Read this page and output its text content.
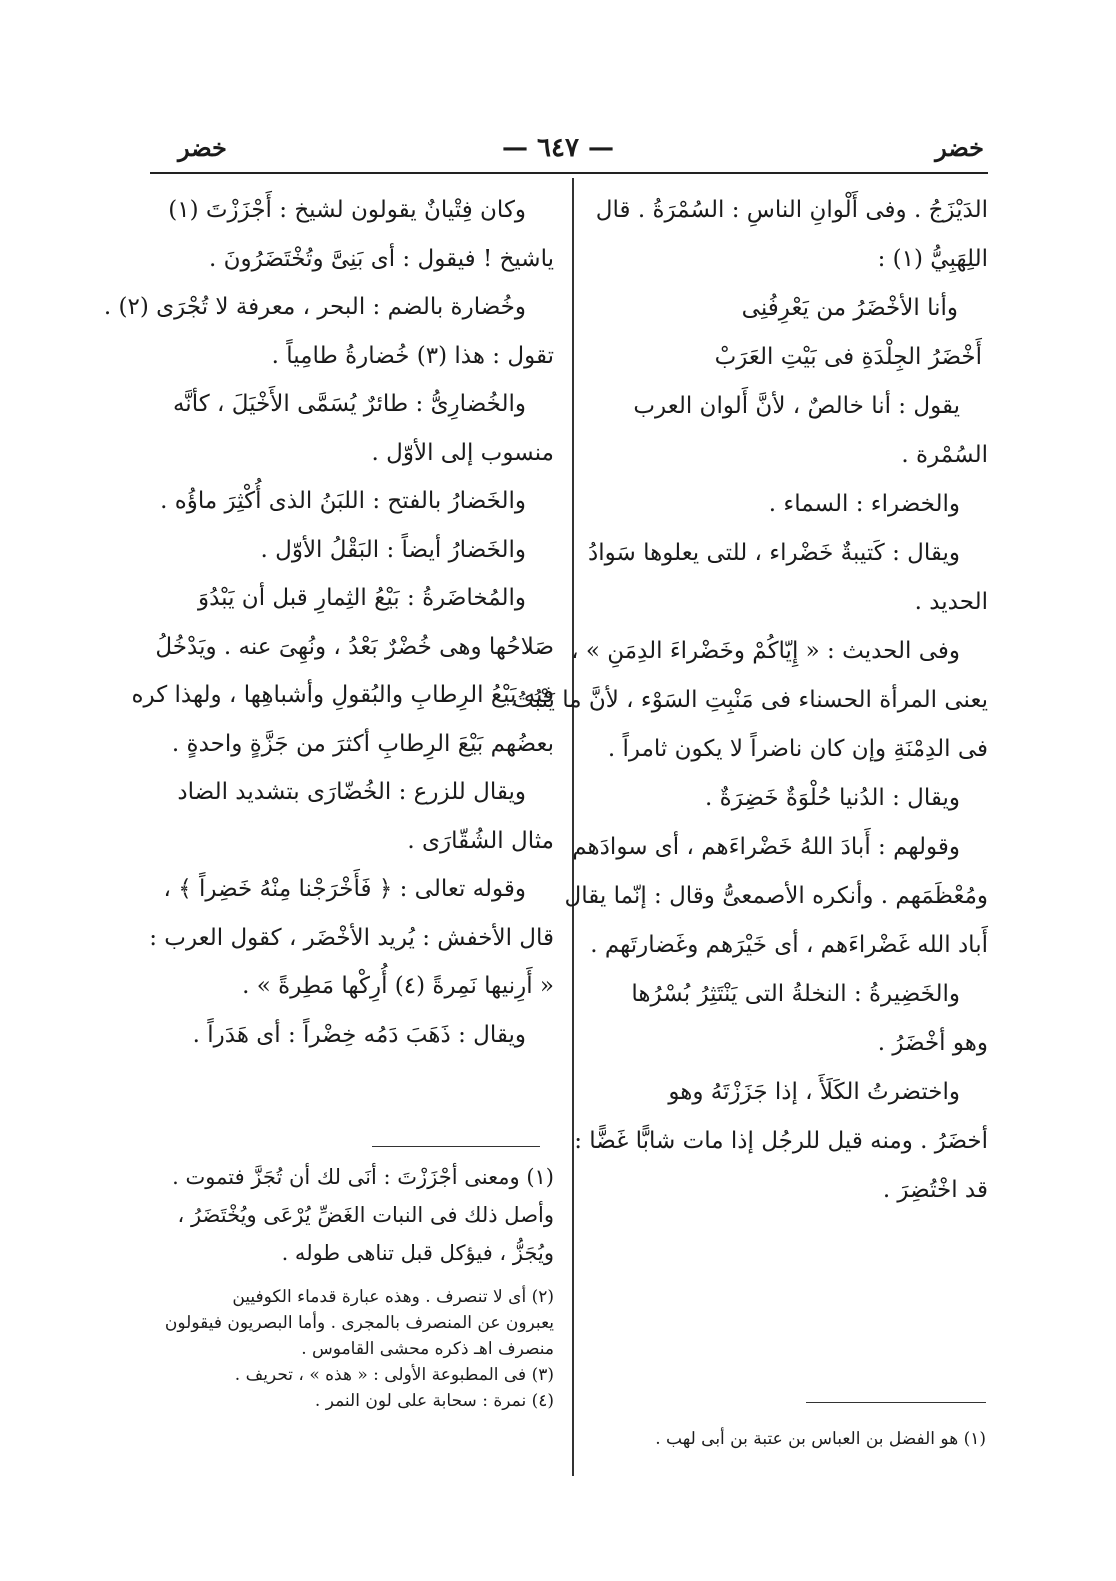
خضر
— ٦٤٧ —
خضر
الدَيْزَجُ . وفى أَلْوانِ الناسِ : السُمْرَةُ . قال
اللِهَبِيُّ (١) :
وأنا الأخْضَرُ من يَعْرِفُنِى
أَخْضَرُ الجِلْدَةِ فى بَيْتِ العَرَبْ
يقول : أنا خالصٌ ، لأنَّ أَلوان العرب
السُمْرة .
والخضراء : السماء .
ويقال : كَتيبةٌ خَضْراء ، للتى يعلوها سَوادُ
الحديد .
وفى الحديث : « إِيّاكُمْ وخَضْراءَ الدِمَنِ » ،
يعنى المرأة الحسناء فى مَنْبِتِ السَوْء ، لأنَّ ما يَنْبُتُ
فى الدِمْنَةِ وإن كان ناضراً لا يكون ثامراً .
ويقال : الدُنيا حُلْوَةٌ خَضِرَةٌ .
وقولهم : أَبادَ اللهُ خَضْراءَهم ، أى سوادَهم
ومُعْظَمَهم . وأنكره الأصمعىُّ وقال : إنّما يقال
أَباد الله غَضْراءَهم ، أى خَيْرَهم وغَضارتَهم .
والخَضِيرةُ : النخلةُ التى يَنْتَثِرُ بُسْرُها
وهو أخْضَرُ .
واختضرتُ الكَلَأَ ، إذا جَزَزْتَهُ وهو
أخضَرُ . ومنه قيل للرجُل إذا مات شابًّا غَضًّا :
قد اخْتُضِرَ .
وكان فِتْيانٌ يقولون لشيخ : أَجْزَزْتَ (١)
ياشيخ ! فيقول : أى بَنِىَّ وتُخْتَضَرُونَ .
وخُضارة بالضم : البحر ، معرفة لا تُجْرَى (٢) .
تقول : هذا (٣) خُضارةُ طامِياً .
والخُضارِىُّ : طائرٌ يُسَمَّى الأَخْيَلَ ، كأنَّه
منسوب إلى الأوّل .
والخَضارُ بالفتح : اللبَنُ الذى أُكْثِرَ ماؤُه .
والخَضارُ أيضاً : البَقْلُ الأوّل .
والمُخاضَرةُ : بَيْعُ الثِمارِ قبل أن يَبْدُوَ
صَلاحُها وهى خُضْرٌ بَعْدُ ، ونُهِىَ عنه . ويَدْخُلُ
فيه بَيْعُ الرِطابِ والبُقولِ وأشباهِها ، ولهذا كره
بعضُهم بَيْعَ الرِطابِ أكثرَ من جَزَّةٍ واحدةٍ .
ويقال للزرع : الخُضّارَى بتشديد الضاد
مثال الشُقّارَى .
وقوله تعالى : ﴿ فَأَخْرَجْنا مِنْهُ خَضِراً ﴾ ،
قال الأخفش : يُريد الأخْضَر ، كقول العرب :
« أَرِنيها نَمِرةً (٤) أُرِكْها مَطِرةً » .
ويقال : ذَهَبَ دَمُه خِضْراً : أى هَدَراً .
(١) ومعنى أجْزَزْتَ : أنَى لك أن تُجَزَّ فتموت .
وأصل ذلك فى النبات الغَضِّ يُرْعَى ويُخْتَضَرُ ،
ويُجَزُّ ، فيؤكل قبل تناهى طوله .
(٢) أى لا تنصرف . وهذه عبارة قدماء الكوفيين
يعبرون عن المنصرف بالمجرى . وأما البصريون فيقولون
منصرف اهـ ذكره محشى القاموس .
(٣) فى المطبوعة الأولى : « هذه » ، تحريف .
(٤) نمرة : سحابة على لون النمر .
(١) هو الفضل بن العباس بن عتبة بن أبى لهب .
